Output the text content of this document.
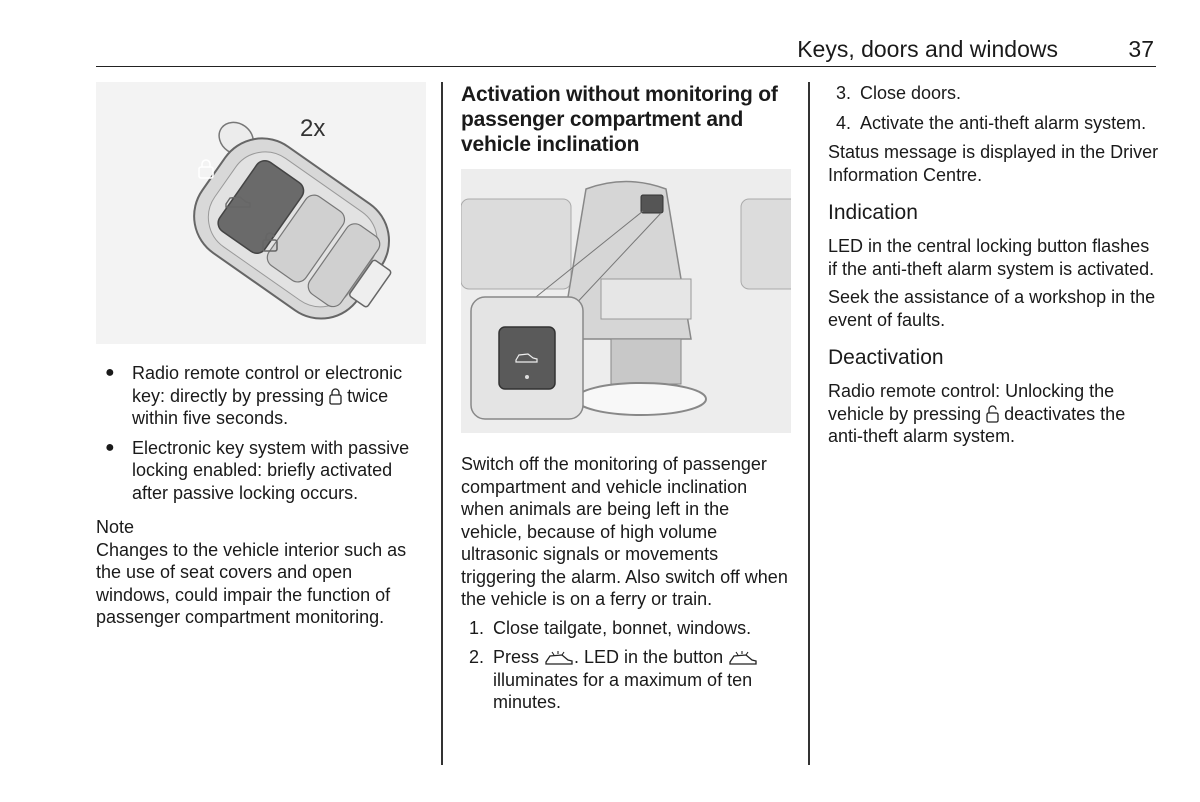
Keys, doors and windows	37
2x
● Radio remote control or electronic key: directly by pressing twice within five seconds.
● Electronic key system with passive locking enabled: briefly activated after passive locking occurs.
Note
Changes to the vehicle interior such as the use of seat covers and open windows, could impair the function of passenger compartment monitoring.
Activation without monitoring of passenger compartment and vehicle inclination

Switch off the monitoring of passenger compartment and vehicle inclination when animals are being left in the vehicle, because of high volume ultrasonic signals or movements triggering the alarm. Also switch off when the vehicle is on a ferry or train.

1. Close tailgate, bonnet, windows.
2. Press . LED in the button  illuminates for a maximum of ten minutes.
3. Close doors.
4. Activate the anti-theft alarm system.

Status message is displayed in the Driver Information Centre.

Indication

LED in the central locking button flashes if the anti-theft alarm system is activated.

Seek the assistance of a workshop in the event of faults.

Deactivation

Radio remote control: Unlocking the vehicle by pressing deactivates the anti-theft alarm system.
